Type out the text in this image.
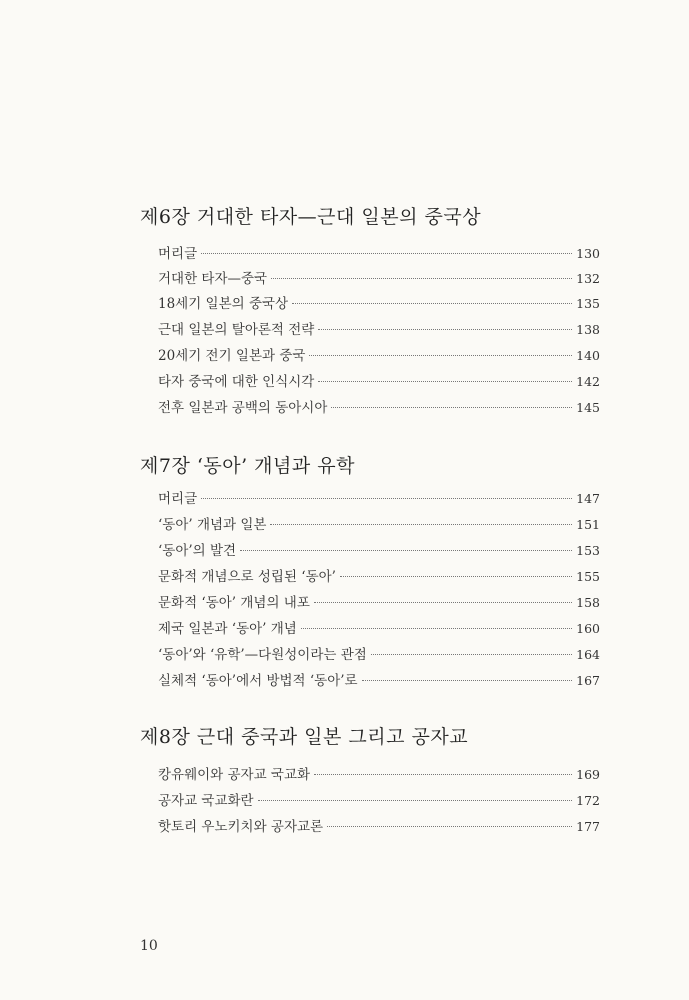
제6장 거대한 타자—근대 일본의 중국상
머리글	130
거대한 타자—중국	132
18세기 일본의 중국상	135
근대 일본의 탈아론적 전략	138
20세기 전기 일본과 중국	140
타자 중국에 대한 인식시각	142
전후 일본과 공백의 동아시아	145
제7장 ‘동아’ 개념과 유학
머리글	147
‘동아’ 개념과 일본	151
‘동아’의 발견	153
문화적 개념으로 성립된 ‘동아’	155
문화적 ‘동아’ 개념의 내포	158
제국 일본과 ‘동아’ 개념	160
‘동아’와 ‘유학’—다원성이라는 관점	164
실체적 ‘동아’에서 방법적 ‘동아’로	167
제8장 근대 중국과 일본 그리고 공자교
캉유웨이와 공자교 국교화	169
공자교 국교화란	172
핫토리 우노키치와 공자교론	177
10
